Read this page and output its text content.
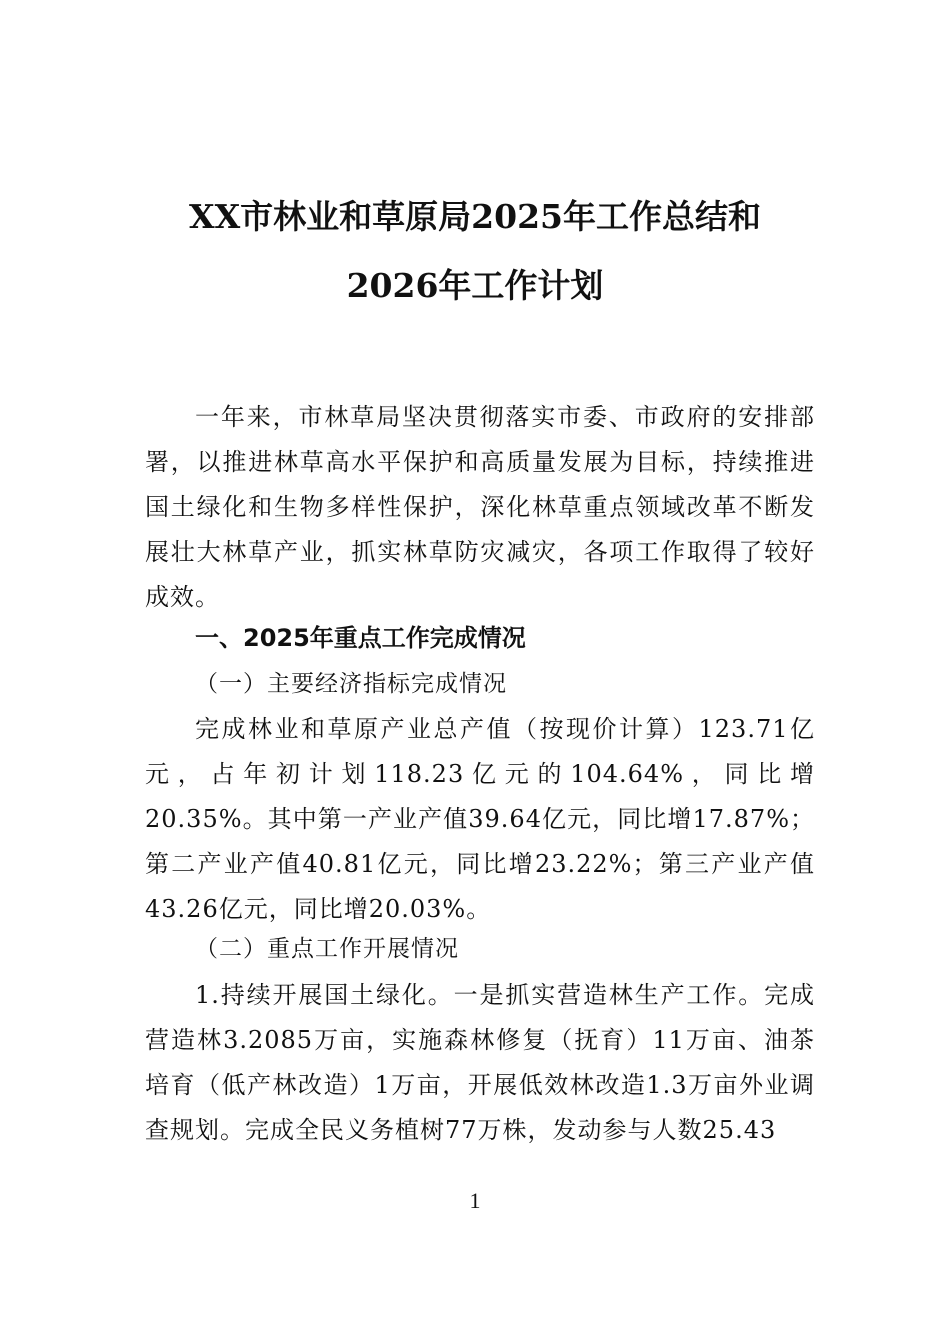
XX市林业和草原局2025年工作总结和
2026年工作计划

一年来，市林草局坚决贯彻落实市委、市政府的安排部署，以推进林草高水平保护和高质量发展为目标，持续推进国土绿化和生物多样性保护，深化林草重点领域改革不断发展壮大林草产业，抓实林草防灾减灾，各项工作取得了较好成效。

一、2025年重点工作完成情况
（一）主要经济指标完成情况

完成林业和草原产业总产值（按现价计算）123.71亿元，占年初计划118.23亿元的104.64%，同比增20.35%。其中第一产业产值39.64亿元，同比增17.87%；第二产业产值40.81亿元，同比增23.22%；第三产业产值43.26亿元，同比增20.03%。

（二）重点工作开展情况

1.持续开展国土绿化。一是抓实营造林生产工作。完成营造林3.2085万亩，实施森林修复（抚育）11万亩、油茶培育（低产林改造）1万亩，开展低效林改造1.3万亩外业调查规划。完成全民义务植树77万株，发动参与人数25.43

1
